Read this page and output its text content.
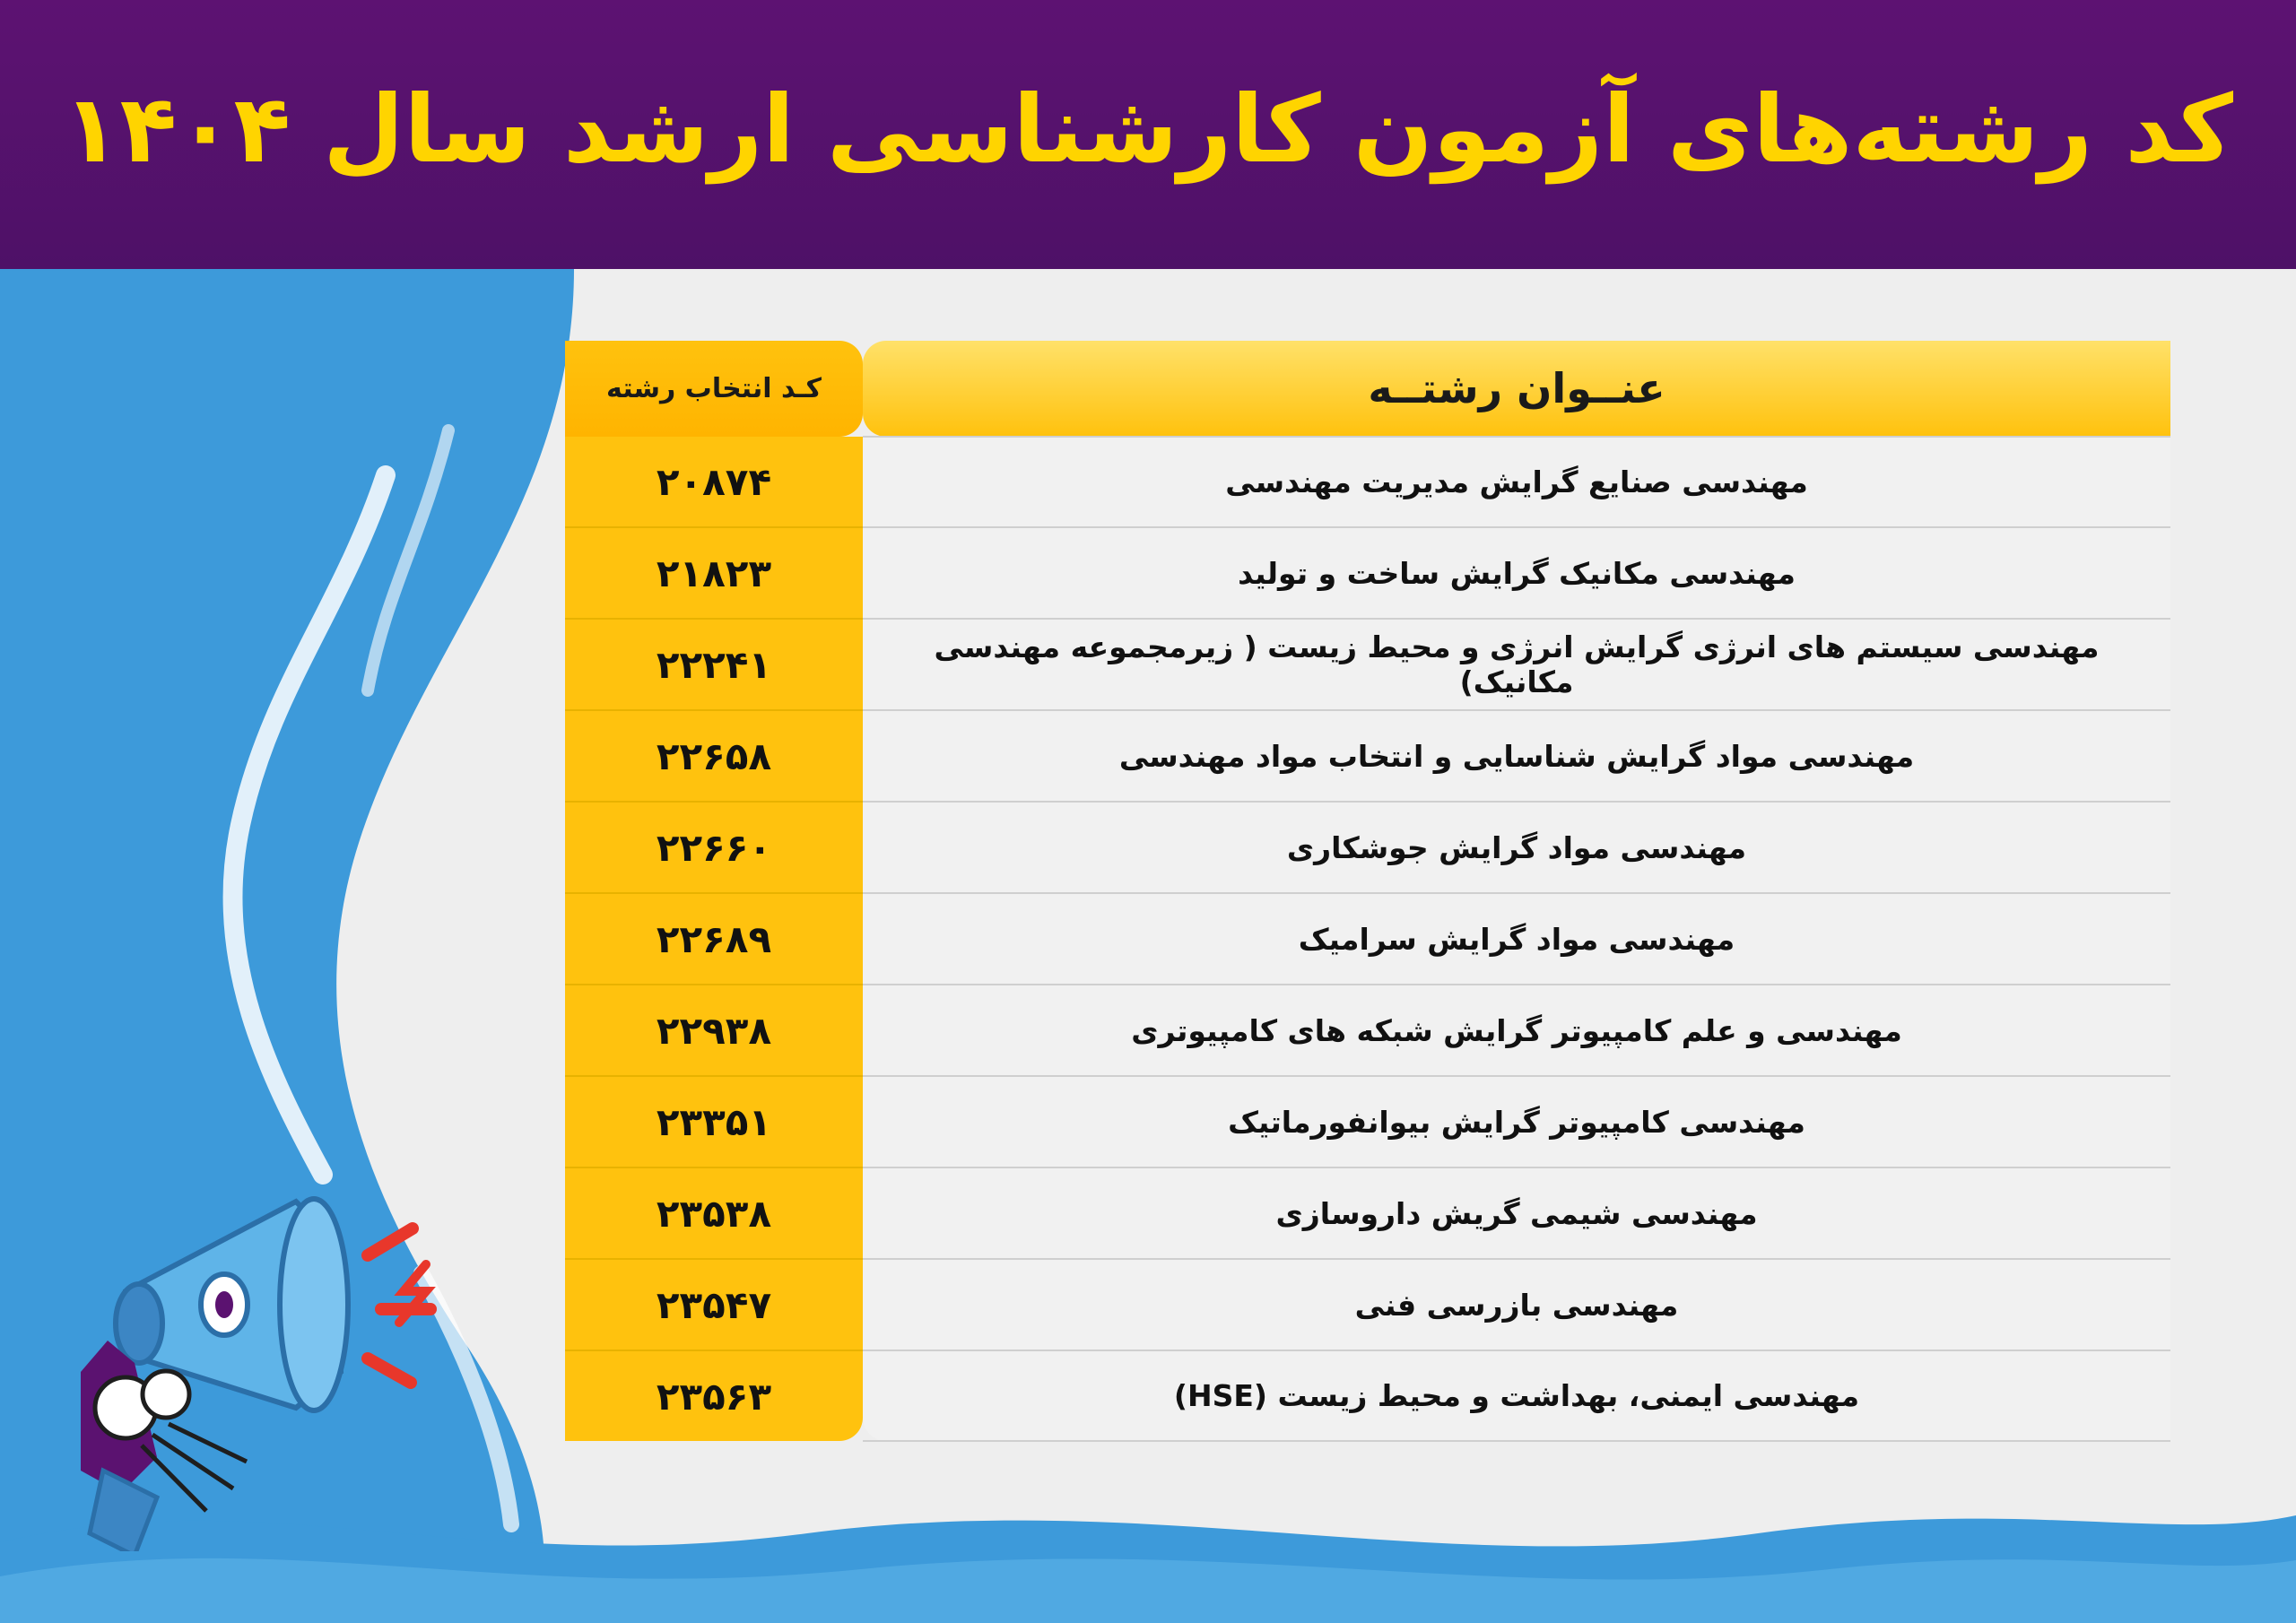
کد رشته‌های آزمون کارشناسی ارشد سال ۱۴۰۴
عنــوان رشتــه	کـد انتخاب رشته
مهندسی صنایع گرایش مدیریت مهندسی	۲۰۸۷۴
مهندسی مکانیک گرایش ساخت و تولید	۲۱۸۲۳
مهندسی سیستم های انرژی گرایش انرژی و محیط زیست ( زیرمجموعه مهندسی مکانیک)	۲۲۲۴۱
مهندسی مواد گرایش شناسایی و انتخاب مواد مهندسی	۲۲۶۵۸
مهندسی مواد گرایش جوشکاری	۲۲۶۶۰
مهندسی مواد گرایش سرامیک	۲۲۶۸۹
مهندسی و علم کامپیوتر گرایش شبکه های کامپیوتری	۲۲۹۳۸
مهندسی کامپیوتر گرایش بیوانفورماتیک	۲۳۳۵۱
مهندسی شیمی گریش داروسازی	۲۳۵۳۸
مهندسی بازرسی فنی	۲۳۵۴۷
مهندسی ایمنی، بهداشت و محیط زیست (HSE)	۲۳۵۶۳
